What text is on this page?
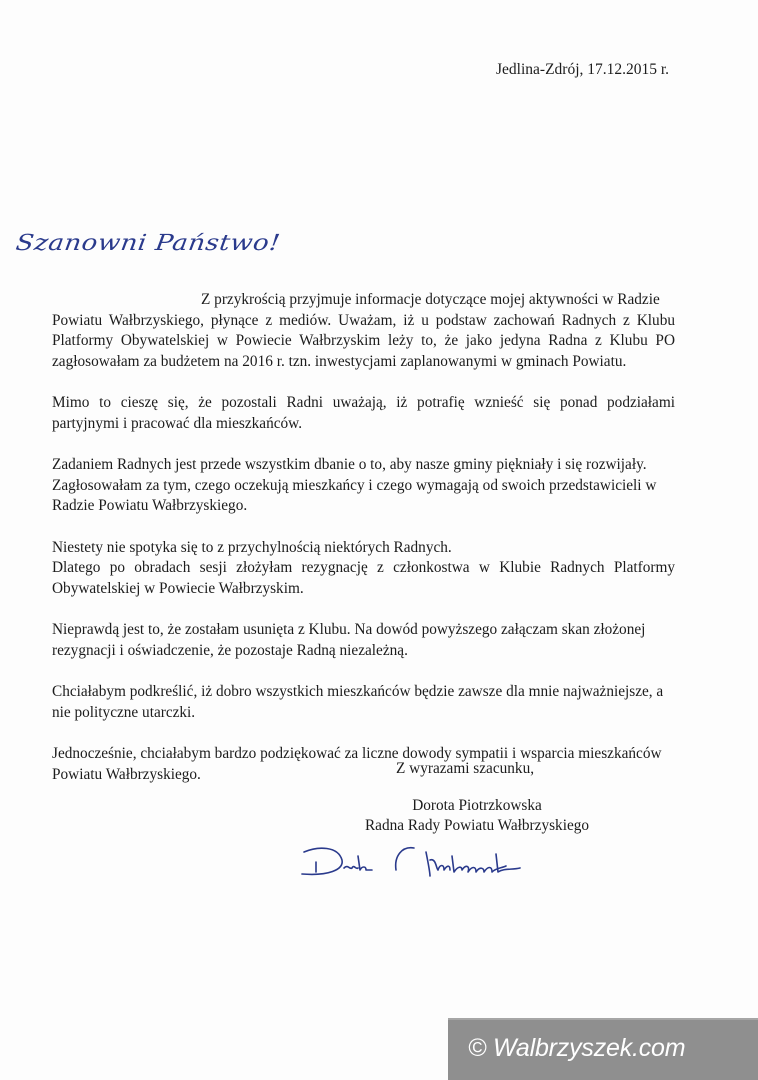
Jedlina-Zdrój, 17.12.2015 r.
Szanowni Państwo!
Z przykrością przyjmuje informacje dotyczące mojej aktywności w Radzie
Powiatu Wałbrzyskiego, płynące z mediów. Uważam, iż u podstaw zachowań Radnych z Klubu
Platformy Obywatelskiej w Powiecie Wałbrzyskim leży to, że jako jedyna Radna z Klubu PO
zagłosowałam za budżetem na 2016 r. tzn. inwestycjami zaplanowanymi w gminach Powiatu.
Mimo to cieszę się, że pozostali Radni uważają, iż potrafię wznieść się ponad podziałami
partyjnymi i pracować dla mieszkańców.
Zadaniem Radnych jest przede wszystkim dbanie o to, aby nasze gminy piękniały i się rozwijały.
Zagłosowałam za tym, czego oczekują mieszkańcy i czego wymagają od swoich przedstawicieli w
Radzie Powiatu Wałbrzyskiego.
Niestety nie spotyka się to z przychylnością niektórych Radnych.
Dlatego po obradach sesji złożyłam rezygnację z członkostwa w Klubie Radnych Platformy
Obywatelskiej w Powiecie Wałbrzyskim.
Nieprawdą jest to, że zostałam usunięta z Klubu. Na dowód powyższego załączam skan złożonej
rezygnacji i oświadczenie, że pozostaje Radną niezależną.
Chciałabym podkreślić, iż dobro wszystkich mieszkańców będzie zawsze dla mnie najważniejsze, a
nie polityczne utarczki.
Jednocześnie, chciałabym bardzo podziękować za liczne dowody sympatii i wsparcia mieszkańców
Powiatu Wałbrzyskiego.	Z wyrazami szacunku,
Dorota Piotrzkowska
Radna Rady Powiatu Wałbrzyskiego
© Walbrzyszek.com
